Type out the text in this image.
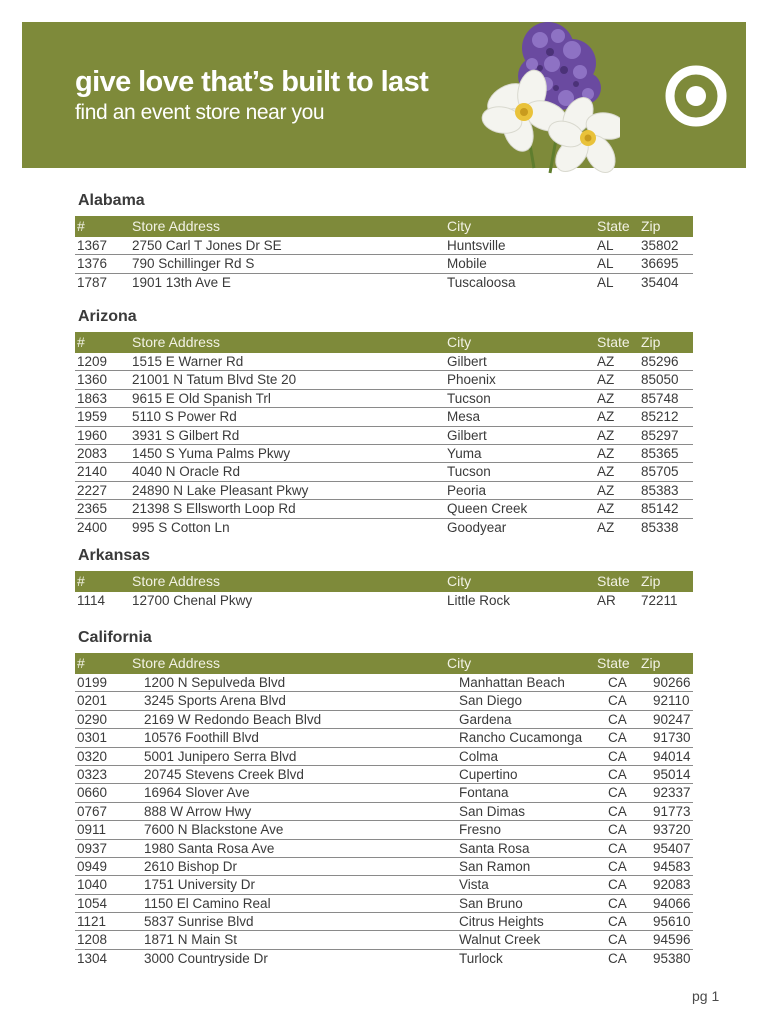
give love that’s built to last
find an event store near you
Alabama
#	Store Address	City	State Zip
1367 2750 Carl T Jones Dr SE	Huntsville	AL 35802
1376 790 Schillinger Rd S	Mobile	AL 36695
1787 1901 13th Ave E	Tuscaloosa	AL 35404
Arizona
#	Store Address	City	State Zip
1209 1515 E Warner Rd	Gilbert	AZ 85296
1360 21001 N Tatum Blvd Ste 20	Phoenix	AZ 85050
1863 9615 E Old Spanish Trl	Tucson	AZ 85748
1959 5110 S Power Rd	Mesa	AZ 85212
1960 3931 S Gilbert Rd	Gilbert	AZ 85297
2083 1450 S Yuma Palms Pkwy	Yuma	AZ 85365
2140 4040 N Oracle Rd	Tucson	AZ 85705
2227 24890 N Lake Pleasant Pkwy	Peoria	AZ 85383
2365 21398 S Ellsworth Loop Rd	Queen Creek	AZ 85142
2400 995 S Cotton Ln	Goodyear	AZ 85338
Arkansas
#	Store Address	City	State Zip
1114 12700 Chenal Pkwy	Little Rock	AR 72211
California
#	Store Address	City	State Zip
0199	1200 N Sepulveda Blvd	Manhattan Beach	CA 90266
0201	3245 Sports Arena Blvd	San Diego	CA 92110
0290	2169 W Redondo Beach Blvd	Gardena	CA 90247
0301	10576 Foothill Blvd	Rancho Cucamonga CA 91730
0320	5001 Junipero Serra Blvd	Colma	CA 94014
0323	20745 Stevens Creek Blvd	Cupertino	CA 95014
0660	16964 Slover Ave	Fontana	CA 92337
0767	888 W Arrow Hwy	San Dimas	CA 91773
0911	7600 N Blackstone Ave	Fresno	CA 93720
0937	1980 Santa Rosa Ave	Santa Rosa	CA 95407
0949	2610 Bishop Dr	San Ramon	CA 94583
1040	1751 University Dr	Vista	CA 92083
1054	1150 El Camino Real	San Bruno	CA 94066
1121	5837 Sunrise Blvd	Citrus Heights	CA 95610
1208	1871 N Main St	Walnut Creek	CA 94596
1304	3000 Countryside Dr	Turlock	CA 95380
pg 1
